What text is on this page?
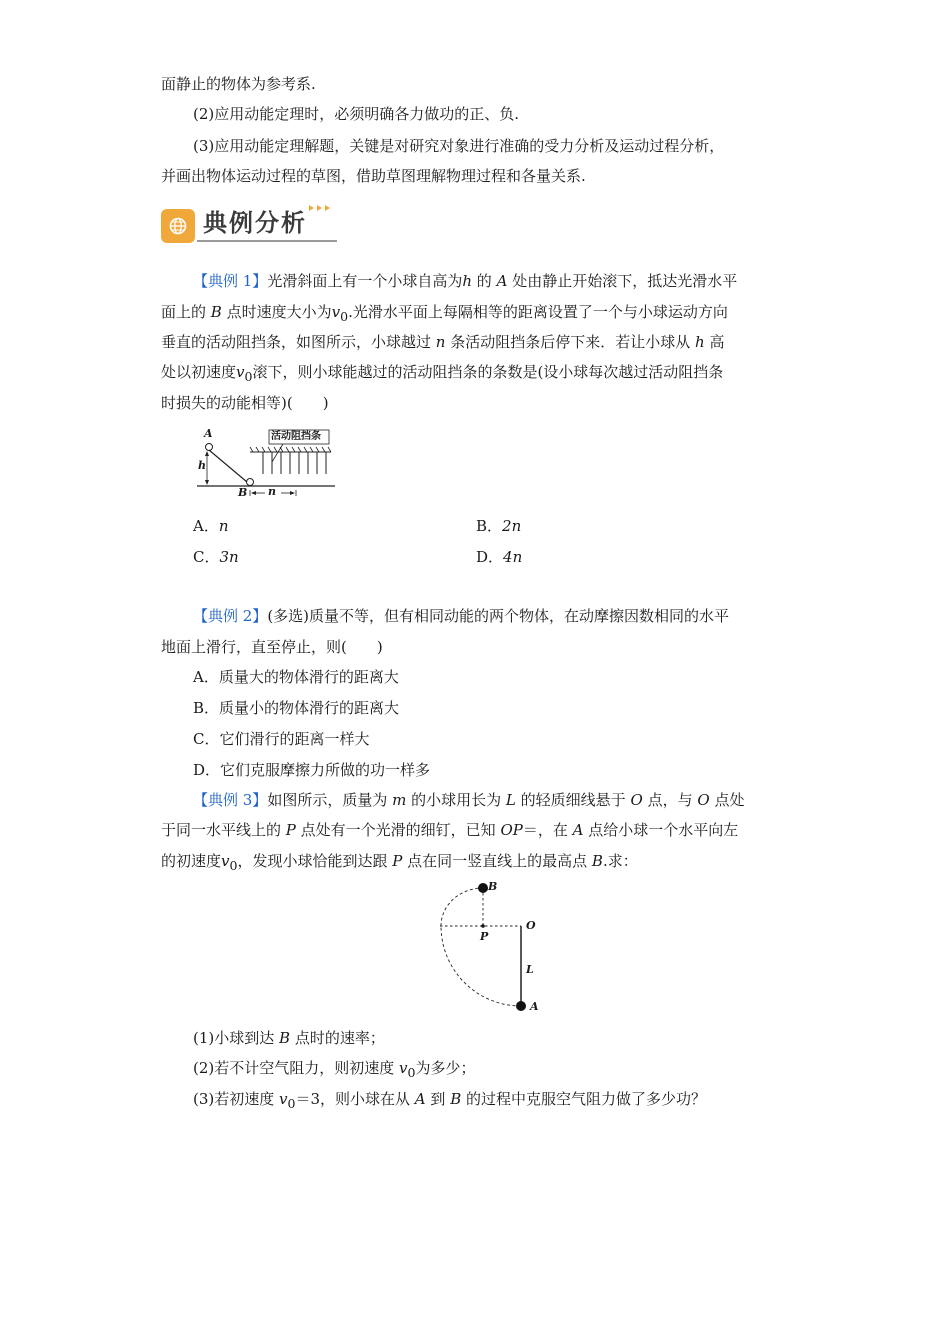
面静止的物体为参考系.
(2)应用动能定理时，必须明确各力做功的正、负.
(3)应用动能定理解题，关键是对研究对象进行准确的受力分析及运动过程分析，
并画出物体运动过程的草图，借助草图理解物理过程和各量关系.
典例分析
【典例 1】光滑斜面上有一个小球自高为h 的 A 处由静止开始滚下，抵达光滑水平
面上的 B 点时速度大小为$v_0$.光滑水平面上每隔相等的距离设置了一个与小球运动方向
垂直的活动阻挡条，如图所示，小球越过 n 条活动阻挡条后停下来．若让小球从 h 高
处以初速度$v_0$滚下，则小球能越过的活动阻挡条的条数是(设小球每次越过活动阻挡条
时损失的动能相等)(　　)
A
h
B n
活动阻挡条
A．n	B．2n
C．3n	D．4n
【典例 2】(多选)质量不等，但有相同动能的两个物体，在动摩擦因数相同的水平
地面上滑行，直至停止，则(　　)
A．质量大的物体滑行的距离大
B．质量小的物体滑行的距离大
C．它们滑行的距离一样大
D．它们克服摩擦力所做的功一样多
【典例 3】如图所示，质量为 m 的小球用长为 L 的轻质细线悬于 O 点，与 O 点处
于同一水平线上的 P 点处有一个光滑的细钉，已知 OP＝，在 A 点给小球一个水平向左
的初速度$v_0$，发现小球恰能到达跟 P 点在同一竖直线上的最高点 B.求：
B
P
O
L
A
(1)小球到达 B 点时的速率；
(2)若不计空气阻力，则初速度 $v_0$为多少；
(3)若初速度 $v_0=3$，则小球在从 A 到 B 的过程中克服空气阻力做了多少功？
